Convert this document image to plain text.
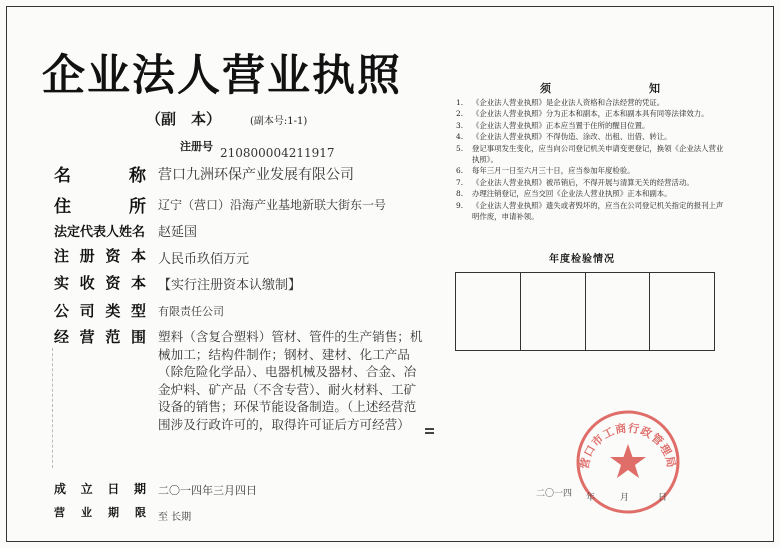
企业法人营业执照
（副　本）	(副本号:1-1)
注册号 210800004211917
名	称 营口九洲环保产业发展有限公司
住	所 辽宁（营口）沿海产业基地新联大街东一号
法定代表人姓名 赵延国
注 册 资 本 人民币玖佰万元
实 收 资 本 【实行注册资本认缴制】
公 司 类 型 有限责任公司
经 营 范 围 塑料（含复合塑料）管材、管件的生产销售；机械加工；结构件制作；钢材、建材、化工产品（除危险化学品）、电器机械及器材、合金、冶金炉料、矿产品（不含专营）、耐火材料、工矿设备的销售；环保节能设备制造。（上述经营范围涉及行政许可的，取得许可证后方可经营）
成 立 日 期 二〇一四年三月四日
营 业 期 限 至 长期
须	知
1. 《企业法人营业执照》是企业法人资格和合法经营的凭证。
2. 《企业法人营业执照》分为正本和副本，正本和副本具有同等法律效力。
3. 《企业法人营业执照》正本应当置于住所的醒目位置。
4. 《企业法人营业执照》不得伪造、涂改、出租、出借、转让。
5. 登记事项发生变化，应当向公司登记机关申请变更登记，换领《企业法人营业执照》。
6. 每年三月一日至六月三十日，应当参加年度检验。
7. 《企业法人营业执照》被吊销后，不得开展与清算无关的经营活动。
8. 办理注销登记，应当交回《企业法人营业执照》正本和副本。
9. 《企业法人营业执照》遗失或者毁坏的，应当在公司登记机关指定的报刊上声明作废，申请补领。
年度检验情况
营口市工商行政管理局
二〇一四 年	月	日
